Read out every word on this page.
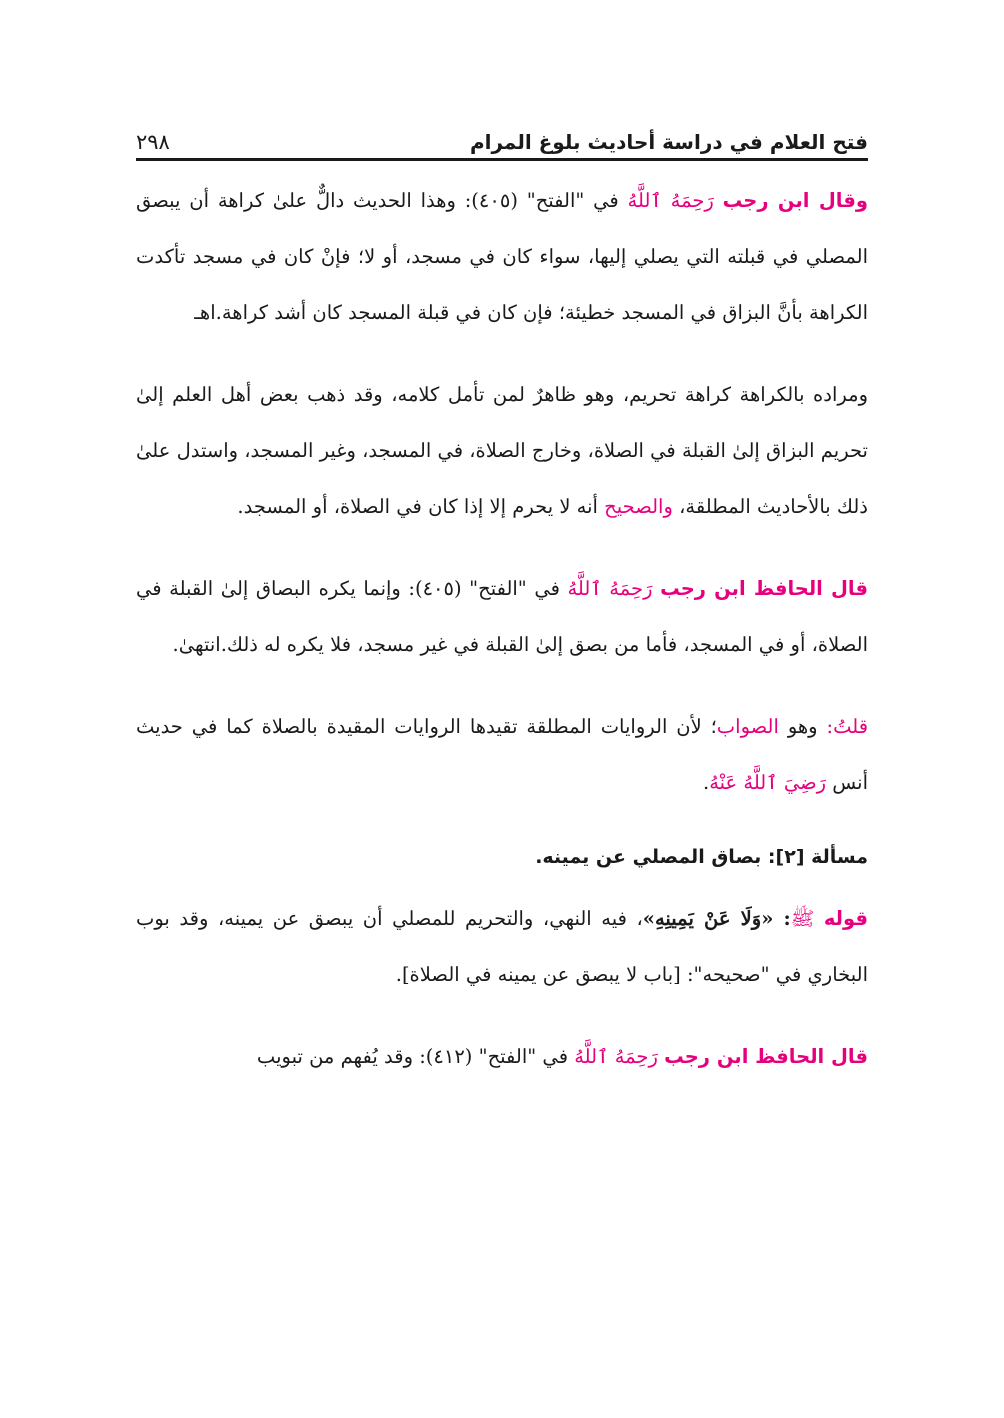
فتح العلام في دراسة أحاديث بلوغ المرام
٢٩٨

وقال ابن رجب رَحِمَهُ ٱللَّهُ في "الفتح" (٤٠٥): وهذا الحديث دالٌّ علىٰ كراهة أن يبصق المصلي في قبلته التي يصلي إليها، سواء كان في مسجد، أو لا؛ فإنْ كان في مسجد تأكدت الكراهة بأنَّ البزاق في المسجد خطيئة؛ فإن كان في قبلة المسجد كان أشد كراهة.اهـ

ومراده بالكراهة كراهة تحريم، وهو ظاهرٌ لمن تأمل كلامه، وقد ذهب بعض أهل العلم إلىٰ تحريم البزاق إلىٰ القبلة في الصلاة، وخارج الصلاة، في المسجد، وغير المسجد، واستدل علىٰ ذلك بالأحاديث المطلقة، والصحيح أنه لا يحرم إلا إذا كان في الصلاة، أو المسجد.

قال الحافظ ابن رجب رَحِمَهُ ٱللَّهُ في "الفتح" (٤٠٥): وإنما يكره البصاق إلىٰ القبلة في الصلاة، أو في المسجد، فأما من بصق إلىٰ القبلة في غير مسجد، فلا يكره له ذلك.انتهىٰ.

قلتُ: وهو الصواب؛ لأن الروايات المطلقة تقيدها الروايات المقيدة بالصلاة كما في حديث أنس رَضِيَ ٱللَّهُ عَنْهُ.

مسألة [٢]: بصاق المصلي عن يمينه.

قوله ﷺ: «وَلَا عَنْ يَمِينِهِ»، فيه النهي، والتحريم للمصلي أن يبصق عن يمينه، وقد بوب البخاري في "صحيحه": [باب لا يبصق عن يمينه في الصلاة].

قال الحافظ ابن رجب رَحِمَهُ ٱللَّهُ في "الفتح" (٤١٢): وقد يُفهم من تبويب
